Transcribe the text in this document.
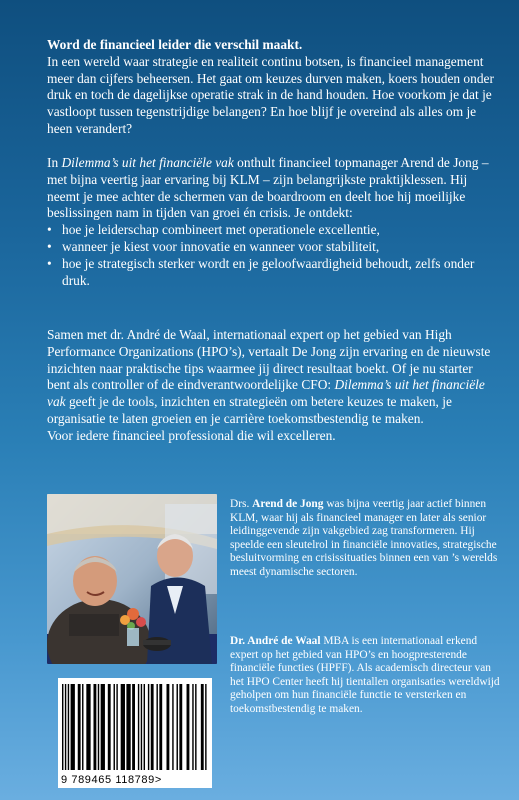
Word de financieel leider die verschil maakt.

In een wereld waar strategie en realiteit continu botsen, is financieel management meer dan cijfers beheersen. Het gaat om keuzes durven maken, koers houden onder druk en toch de dagelijkse operatie strak in de hand houden. Hoe voorkom je dat je vastloopt tussen tegenstrijdige belangen? En hoe blijf je overeind als alles om je heen verandert?

In Dilemma’s uit het financiële vak onthult financieel topmanager Arend de Jong – met bijna veertig jaar ervaring bij KLM – zijn belangrijkste praktijklessen. Hij neemt je mee achter de schermen van de boardroom en deelt hoe hij moeilijke beslissingen nam in tijden van groei én crisis. Je ontdekt:

• hoe je leiderschap combineert met operationele excellentie,
• wanneer je kiest voor innovatie en wanneer voor stabiliteit,
• hoe je strategisch sterker wordt en je geloofwaardigheid behoudt, zelfs onder druk.

Samen met dr. André de Waal, internationaal expert op het gebied van High Performance Organizations (HPO’s), vertaalt De Jong zijn ervaring en de nieuwste inzichten naar praktische tips waarmee jij direct resultaat boekt. Of je nu starter bent als controller of de eindverantwoordelijke CFO: Dilemma’s uit het financiële vak geeft je de tools, inzichten en strategieën om betere keuzes te maken, je organisatie te laten groeien en je carrière toekomstbestendig te maken.

Voor iedere financieel professional die wil excelleren.

Drs. Arend de Jong was bijna veertig jaar actief binnen KLM, waar hij als financieel manager en later als senior leidinggevende zijn vakgebied zag transformeren. Hij speelde een sleutelrol in financiële innovaties, strategische besluitvorming en crisissituaties binnen een van ’s werelds meest dynamische sectoren.

Dr. André de Waal MBA is een internationaal erkend expert op het gebied van HPO’s en hoogpresterende financiële functies (HPFF). Als academisch directeur van het HPO Center heeft hij tientallen organisaties wereldwijd geholpen om hun financiële functie te versterken en toekomstbestendig te maken.

9 789465 118789>
